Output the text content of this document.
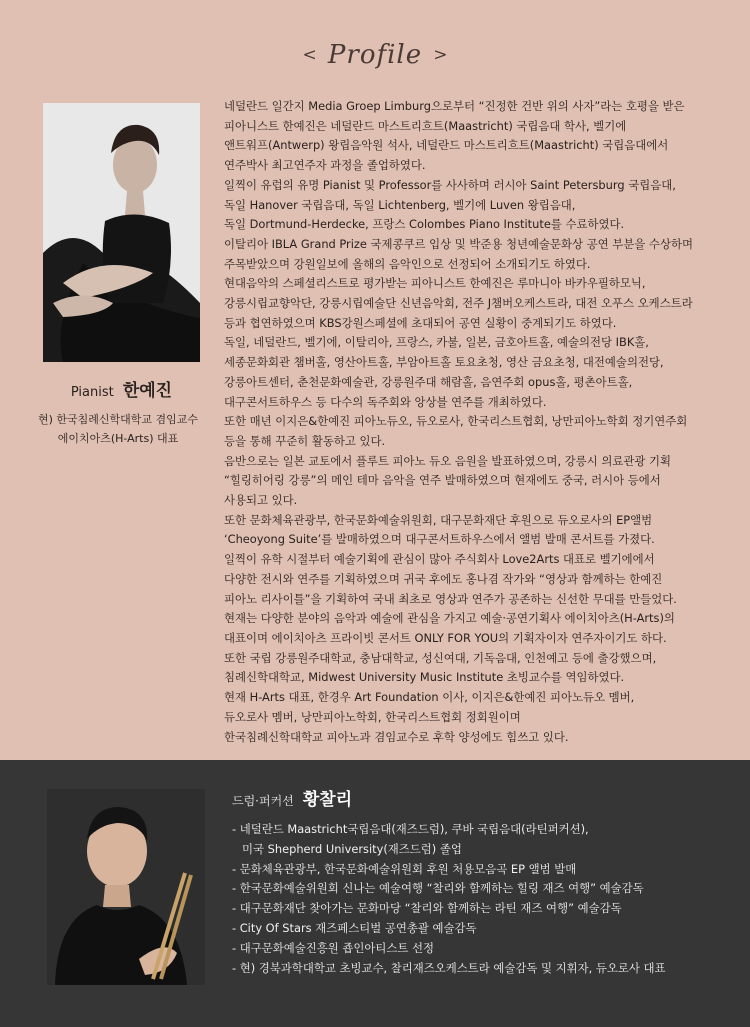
< Profile >
Pianist 한예진
현) 한국침례신학대학교 겸임교수
에이치아츠(H-Arts) 대표
네덜란드 일간지 Media Groep Limburg으로부터 “진정한 건반 위의 사자”라는 호평을 받은
피아니스트 한예진은 네덜란드 마스트리흐트(Maastricht) 국립음대 학사, 벨기에
앤트워프(Antwerp) 왕립음악원 석사, 네덜란드 마스트리흐트(Maastricht) 국립음대에서
연주박사 최고연주자 과정을 졸업하였다.
일찍이 유럽의 유명 Pianist 및 Professor를 사사하며 러시아 Saint Petersburg 국립음대,
독일 Hanover 국립음대, 독일 Lichtenberg, 벨기에 Luven 왕립음대,
독일 Dortmund-Herdecke, 프랑스 Colombes Piano Institute를 수료하였다.
이탈리아 IBLA Grand Prize 국제콩쿠르 입상 및 박준용 청년예술문화상 공연 부분을 수상하며
주목받았으며 강원일보에 올해의 음악인으로 선정되어 소개되기도 하였다.
현대음악의 스페셜리스트로 평가받는 피아니스트 한예진은 루마니아 바카우필하모닉,
강릉시립교향악단, 강릉시립예술단 신년음악회, 전주 J챔버오케스트라, 대전 오푸스 오케스트라
등과 협연하였으며 KBS강원스페셜에 초대되어 공연 실황이 중계되기도 하였다.
독일, 네덜란드, 벨기에, 이탈리아, 프랑스, 카불, 일본, 금호아트홀, 예술의전당 IBK홀,
세종문화회관 챔버홀, 영산아트홀, 부암아트홀 토요초청, 영산 금요초청, 대전예술의전당,
강릉아트센터, 춘천문화예술관, 강릉원주대 해람홀, 음연주회 opus홀, 평촌아트홀,
대구콘서트하우스 등 다수의 독주회와 앙상블 연주를 개최하였다.
또한 매년 이지은&한예진 피아노듀오, 듀오로사, 한국리스트협회, 낭만피아노학회 정기연주회
등을 통해 꾸준히 활동하고 있다.
음반으로는 일본 교토에서 플루트 피아노 듀오 음원을 발표하였으며, 강릉시 의료관광 기획
“힐링히어링 강릉”의 메인 테마 음악을 연주 발매하였으며 현재에도 중국, 러시아 등에서
사용되고 있다.
또한 문화체육관광부, 한국문화예술위원회, 대구문화재단 후원으로 듀오로사의 EP앨범
‘Cheoyong Suite’를 발매하였으며 대구콘서트하우스에서 앨범 발매 콘서트를 가졌다.
일찍이 유학 시절부터 예술기획에 관심이 많아 주식회사 Love2Arts 대표로 벨기에에서
다양한 전시와 연주를 기획하였으며 귀국 후에도 홍나겸 작가와 “영상과 함께하는 한예진
피아노 리사이틀”을 기획하여 국내 최초로 영상과 연주가 공존하는 신선한 무대를 만들었다.
현재는 다양한 분야의 음악과 예술에 관심을 가지고 예술·공연기획사 에이치아츠(H-Arts)의
대표이며 에이치아츠 프라이빗 콘서트 ONLY FOR YOU의 기획자이자 연주자이기도 하다.
또한 국립 강릉원주대학교, 충남대학교, 성신여대, 기독음대, 인천예고 등에 출강했으며,
침례신학대학교, Midwest University Music Institute 초빙교수를 역임하였다.
현재 H-Arts 대표, 한경우 Art Foundation 이사, 이지은&한예진 피아노듀오 멤버,
듀오로사 멤버, 낭만피아노학회, 한국리스트협회 정회원이며
한국침례신학대학교 피아노과 겸임교수로 후학 양성에도 힘쓰고 있다.
드럼·퍼커션 황찰리
- 네덜란드 Maastricht국립음대(재즈드럼), 쿠바 국립음대(라틴퍼커션),
미국 Shepherd University(재즈드럼) 졸업
- 문화체육관광부, 한국문화예술위원회 후원 처용모음곡 EP 앨범 발매
- 한국문화예술위원회 신나는 예술여행 “찰리와 함께하는 힐링 재즈 여행” 예술감독
- 대구문화재단 찾아가는 문화마당 “찰리와 함께하는 라틴 재즈 여행” 예술감독
- City Of Stars 재즈페스티벌 공연총괄 예술감독
- 대구문화예술진흥원 죱인아티스트 선정
- 현) 경북과학대학교 초빙교수, 찰리재즈오케스트라 예술감독 및 지휘자, 듀오로사 대표
